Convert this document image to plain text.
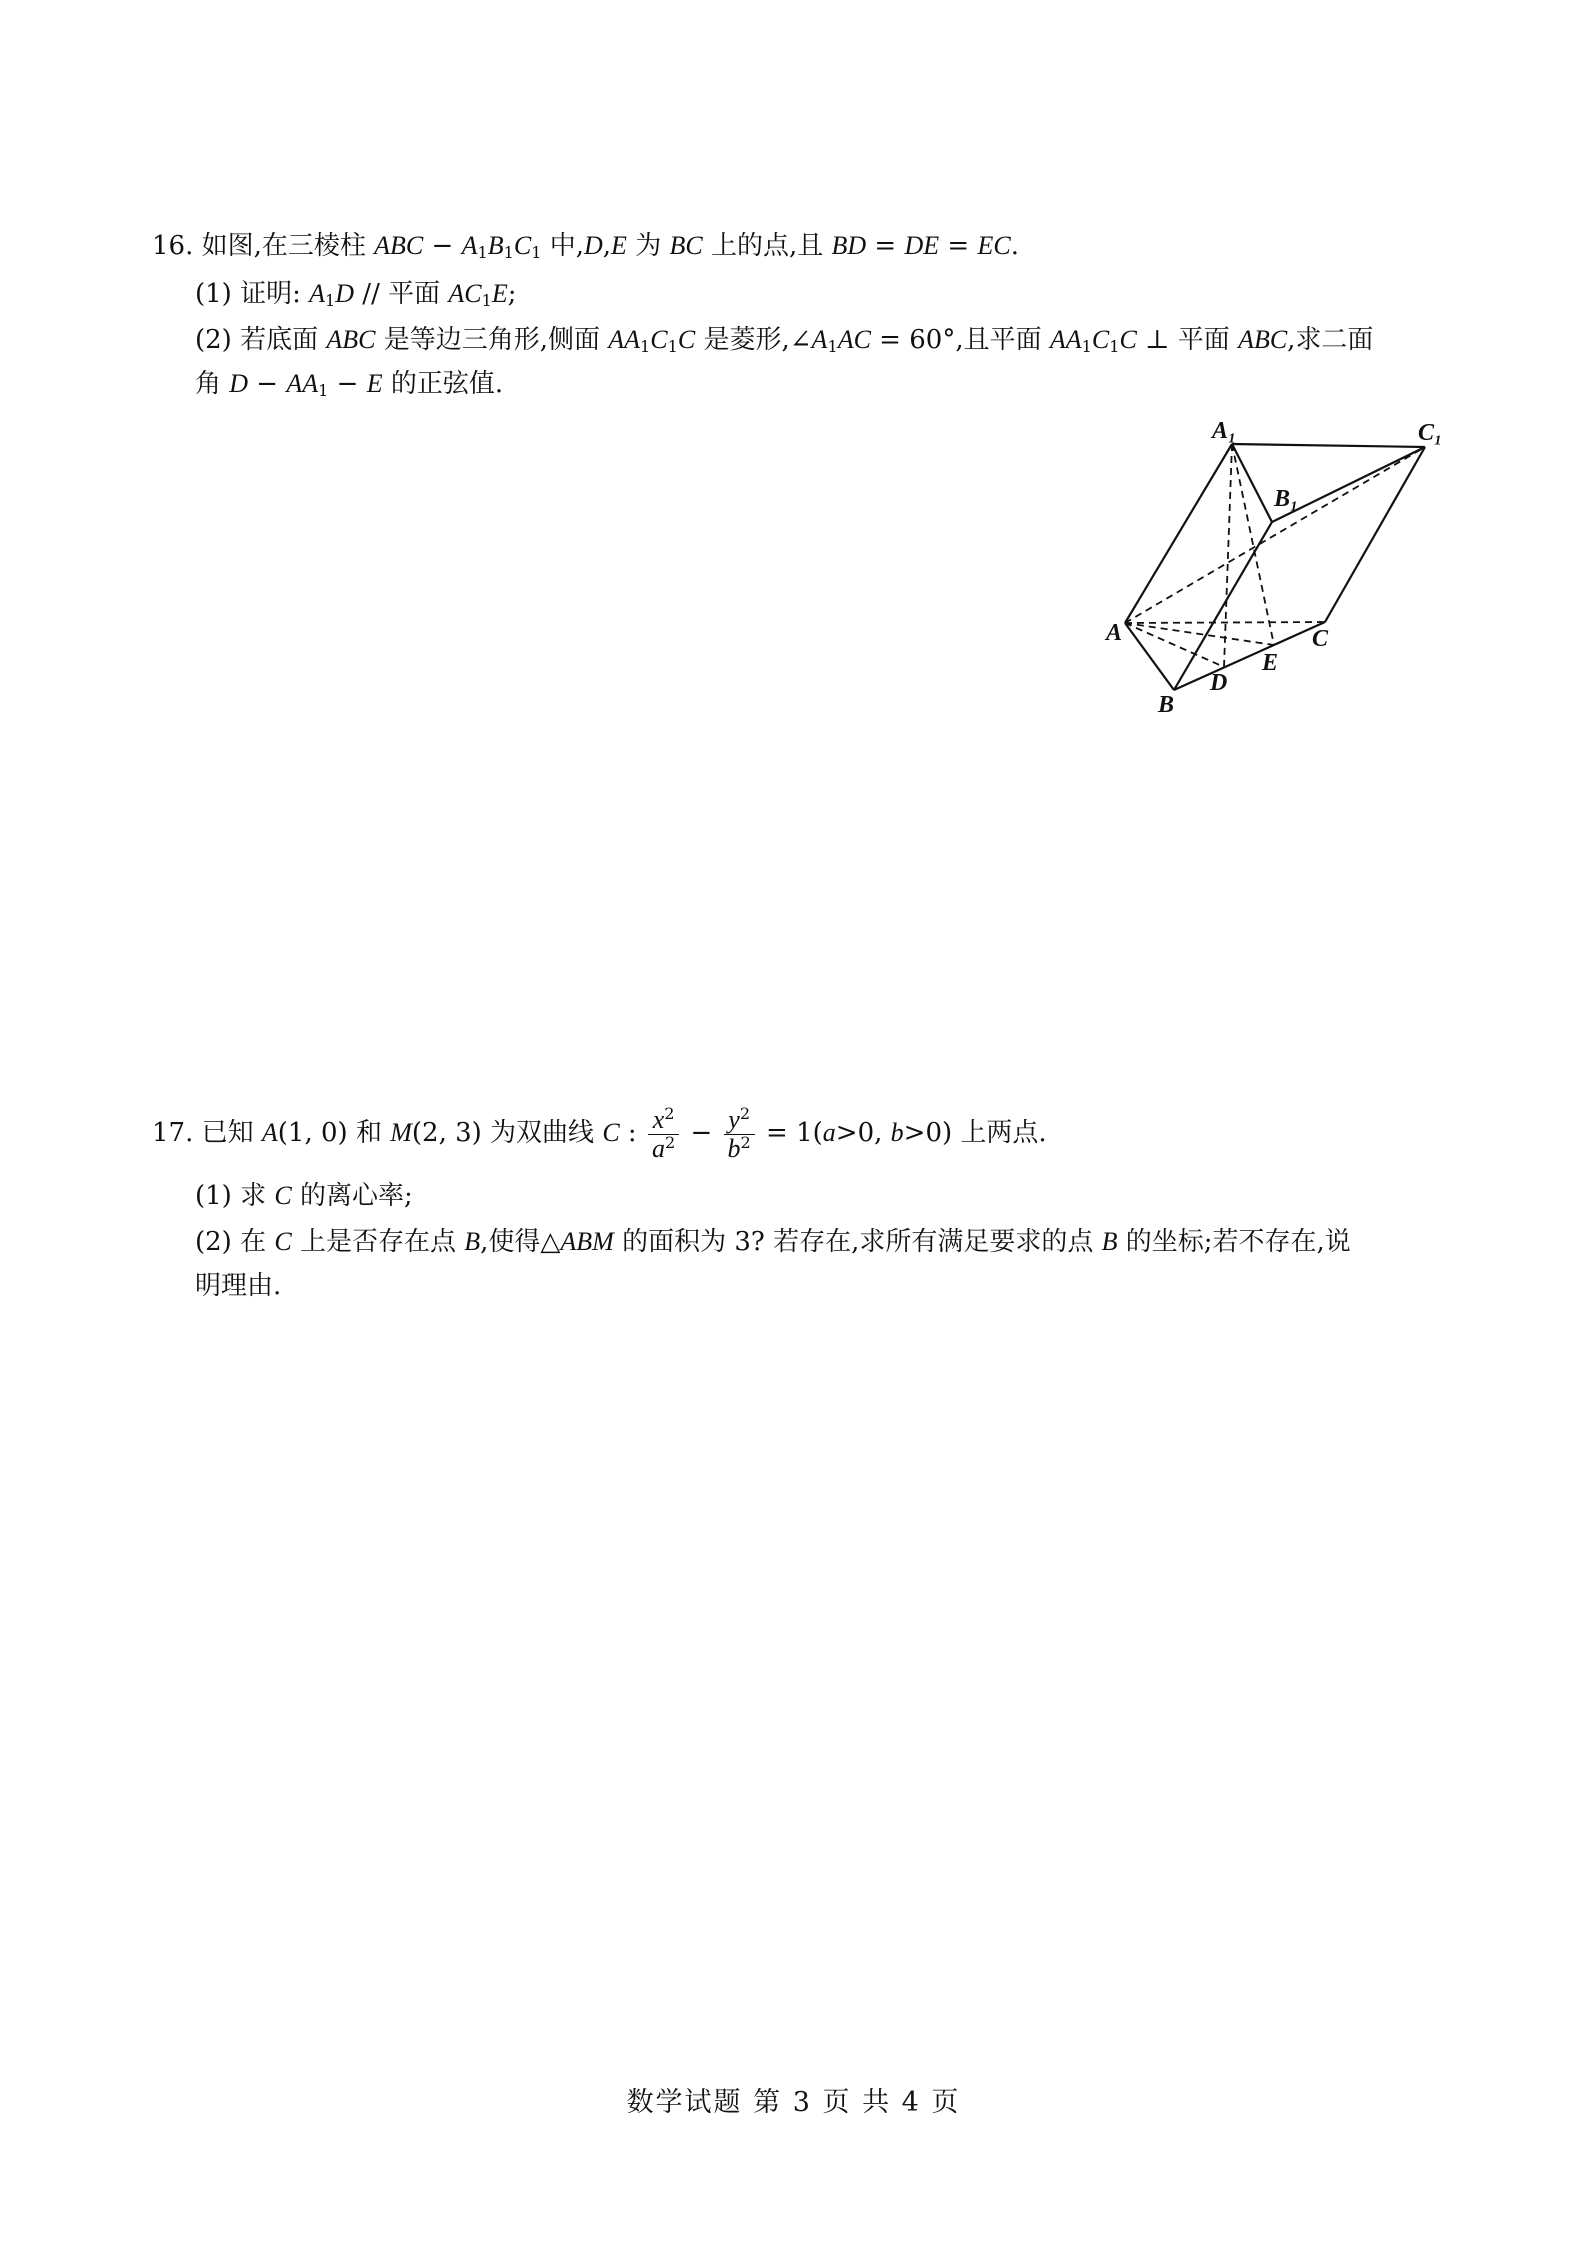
16. 如图,在三棱柱 ABC − $A_1B_1C_1$ 中,D,E 为 BC 上的点,且 BD = DE = EC.
(1) 证明: $A_1D$ // 平面 $AC_1E$;
(2) 若底面 ABC 是等边三角形,侧面 $AA_1C_1C$ 是菱形$,\angle A_1AC = 60^\circ$,且平面 $AA_1C_1C$ ⊥ 平面 ABC,求二面
角 $D - AA_1 - E$ 的正弦值.
A₁	C₁
B₁
A
B
C
D
E
17. 已知 A(1, 0) 和 M(2, 3) 为双曲线 C : $\frac{x^2}{a^2} - \frac{y^2}{b^2} = 1(a>0$, b>0) 上两点.
(1) 求 C 的离心率;
(2) 在 C 上是否存在点 B,使得△ABM 的面积为 3? 若存在,求所有满足要求的点 B 的坐标;若不存在,说
明理由.
数学试题 第 3 页 共 4 页
